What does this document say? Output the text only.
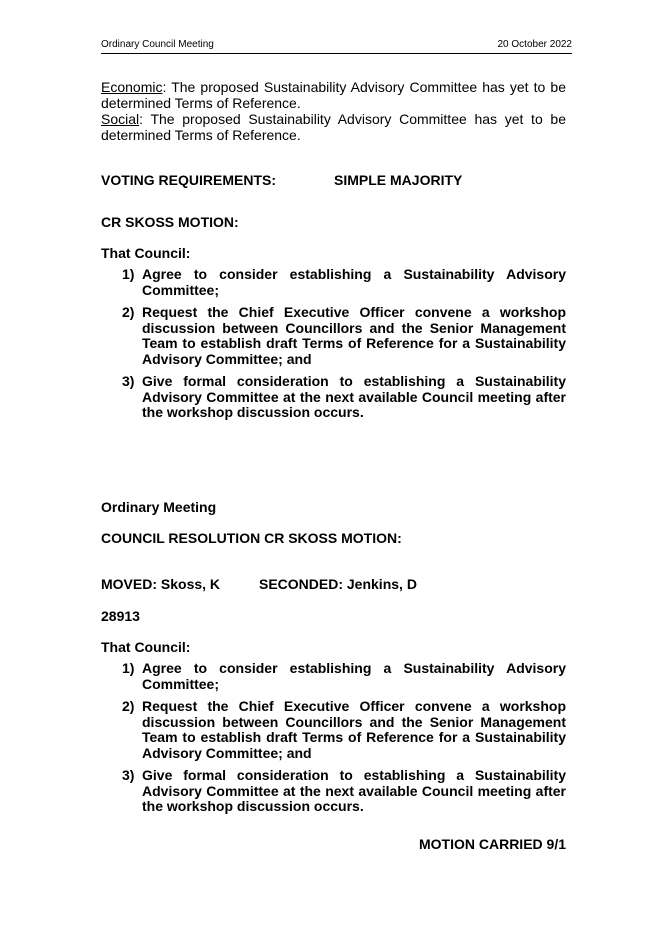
Ordinary Council Meeting	20 October 2022
Economic: The proposed Sustainability Advisory Committee has yet to be determined Terms of Reference.
Social: The proposed Sustainability Advisory Committee has yet to be determined Terms of Reference.
VOTING REQUIREMENTS:	SIMPLE MAJORITY
CR SKOSS MOTION:
That Council:
1) Agree to consider establishing a Sustainability Advisory Committee;
2) Request the Chief Executive Officer convene a workshop discussion between Councillors and the Senior Management Team to establish draft Terms of Reference for a Sustainability Advisory Committee; and
3) Give formal consideration to establishing a Sustainability Advisory Committee at the next available Council meeting after the workshop discussion occurs.
Ordinary Meeting
COUNCIL RESOLUTION CR SKOSS MOTION:
MOVED: Skoss, K	SECONDED: Jenkins, D
28913
That Council:
1) Agree to consider establishing a Sustainability Advisory Committee;
2) Request the Chief Executive Officer convene a workshop discussion between Councillors and the Senior Management Team to establish draft Terms of Reference for a Sustainability Advisory Committee; and
3) Give formal consideration to establishing a Sustainability Advisory Committee at the next available Council meeting after the workshop discussion occurs.
MOTION CARRIED 9/1
